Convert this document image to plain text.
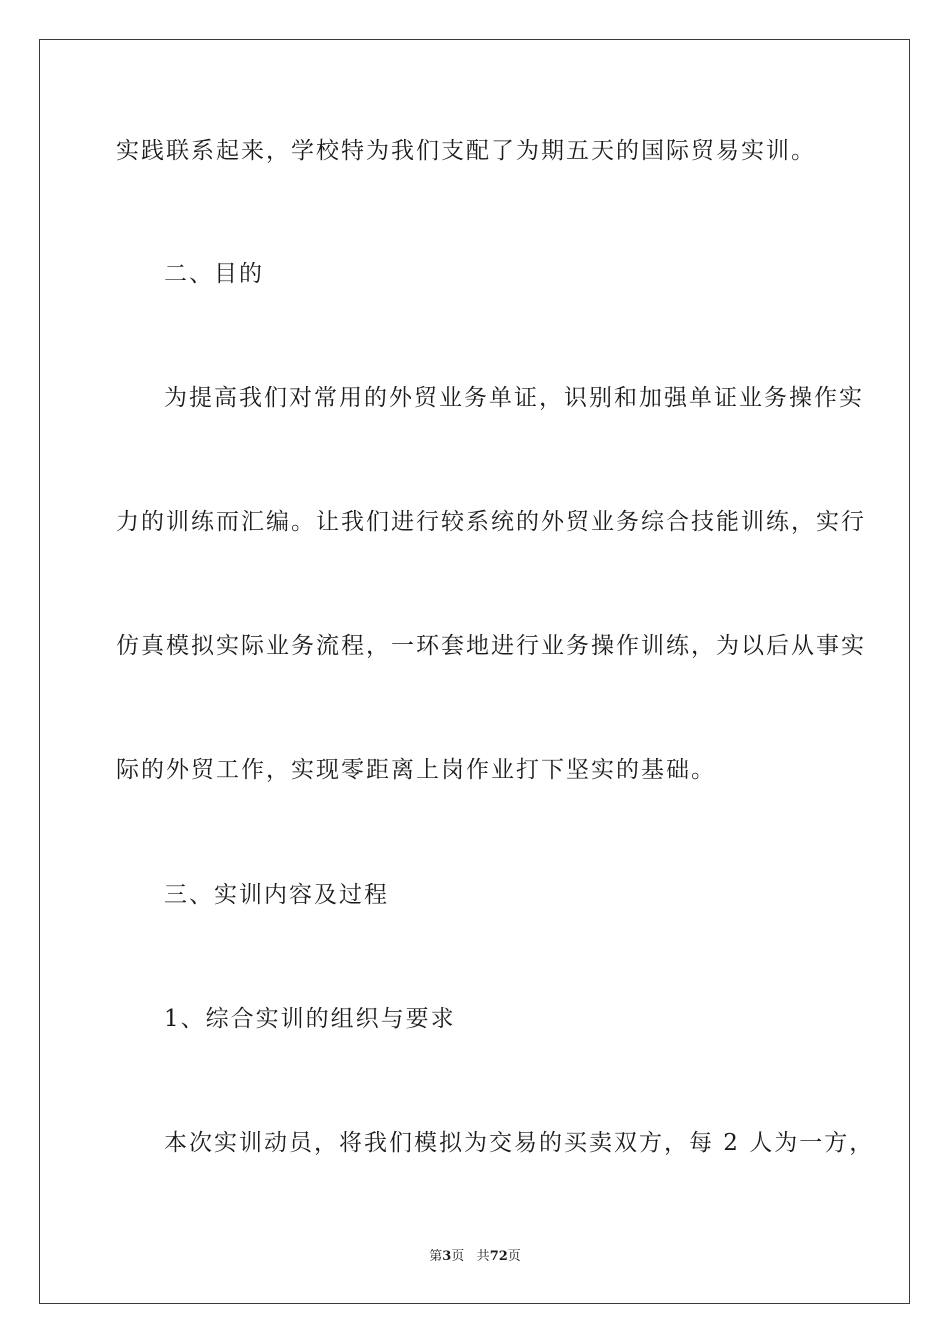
实践联系起来，学校特为我们支配了为期五天的国际贸易实训。
二、目的
为提高我们对常用的外贸业务单证，识别和加强单证业务操作实
力的训练而汇编。让我们进行较系统的外贸业务综合技能训练，实行
仿真模拟实际业务流程，一环套地进行业务操作训练，为以后从事实
际的外贸工作，实现零距离上岗作业打下坚实的基础。
三、实训内容及过程
1、综合实训的组织与要求
本次实训动员，将我们模拟为交易的买卖双方，每 2 人为一方，
第3页 共72页
